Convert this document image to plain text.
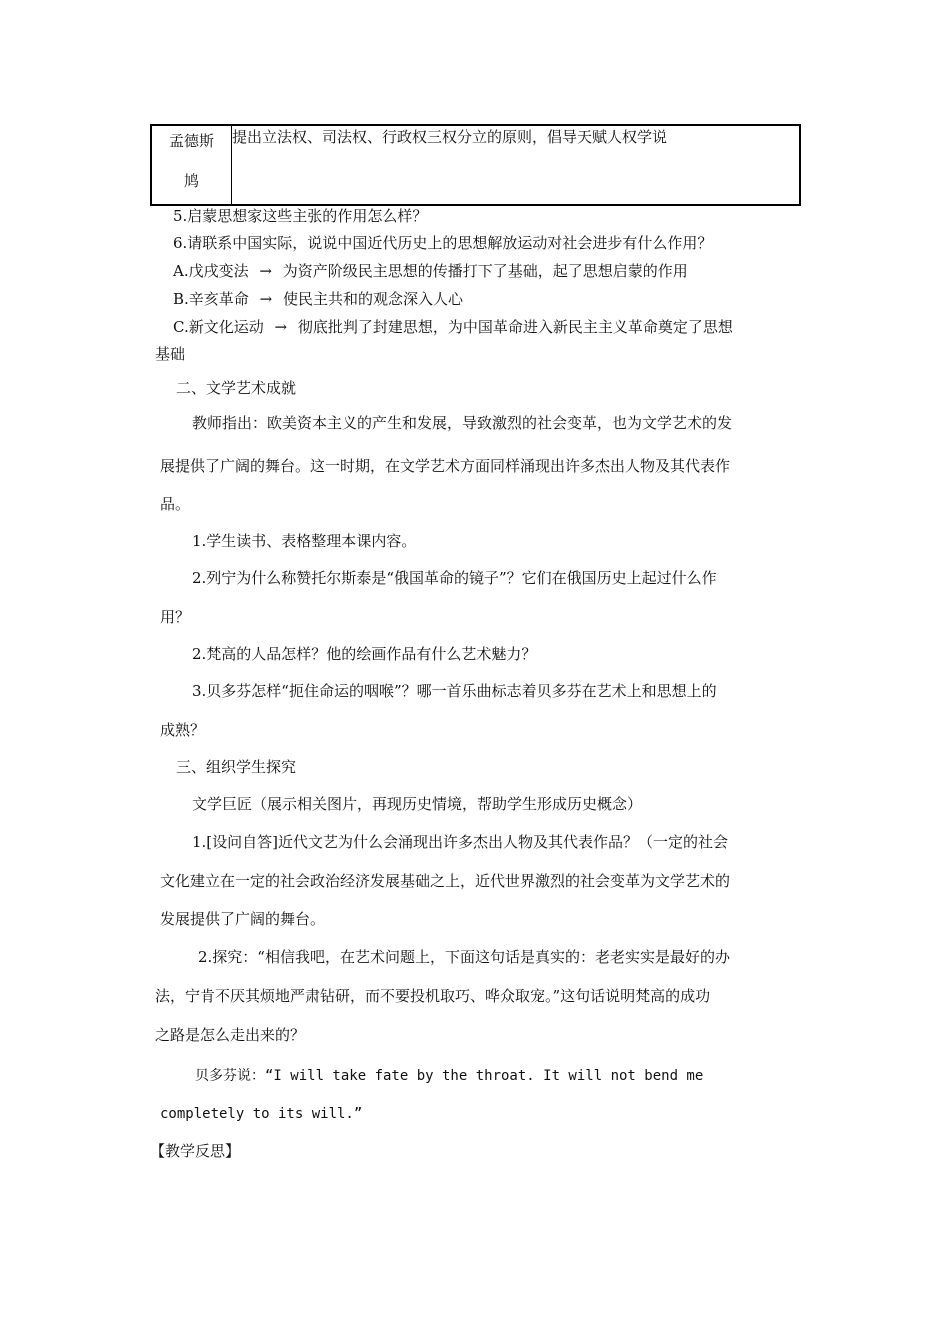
孟德斯
鸠
	提出立法权、司法权、行政权三权分立的原则，倡导天赋人权学说
5.启蒙思想家这些主张的作用怎么样？
6.请联系中国实际，说说中国近代历史上的思想解放运动对社会进步有什么作用？
A.戊戌变法 → 为资产阶级民主思想的传播打下了基础，起了思想启蒙的作用
B.辛亥革命 → 使民主共和的观念深入人心
C.新文化运动 → 彻底批判了封建思想，为中国革命进入新民主主义革命奠定了思想
基础
二、文学艺术成就
教师指出：欧美资本主义的产生和发展，导致激烈的社会变革，也为文学艺术的发
展提供了广阔的舞台。这一时期，在文学艺术方面同样涌现出许多杰出人物及其代表作
品。
1.学生读书、表格整理本课内容。
2.列宁为什么称赞托尔斯泰是“俄国革命的镜子”？它们在俄国历史上起过什么作
用？
2.梵高的人品怎样？他的绘画作品有什么艺术魅力？
3.贝多芬怎样“扼住命运的咽喉”？哪一首乐曲标志着贝多芬在艺术上和思想上的
成熟？
三、组织学生探究
文学巨匠（展示相关图片，再现历史情境，帮助学生形成历史概念）
1.[设问自答]近代文艺为什么会涌现出许多杰出人物及其代表作品？（一定的社会
文化建立在一定的社会政治经济发展基础之上，近代世界激烈的社会变革为文学艺术的
发展提供了广阔的舞台。
2.探究：“相信我吧，在艺术问题上，下面这句话是真实的：老老实实是最好的办
法，宁肯不厌其烦地严肃钻研，而不要投机取巧、哗众取宠。”这句话说明梵高的成功
之路是怎么走出来的？
贝多芬说：“I will take fate by the throat. It will not bend me
completely to its will.”
【教学反思】
